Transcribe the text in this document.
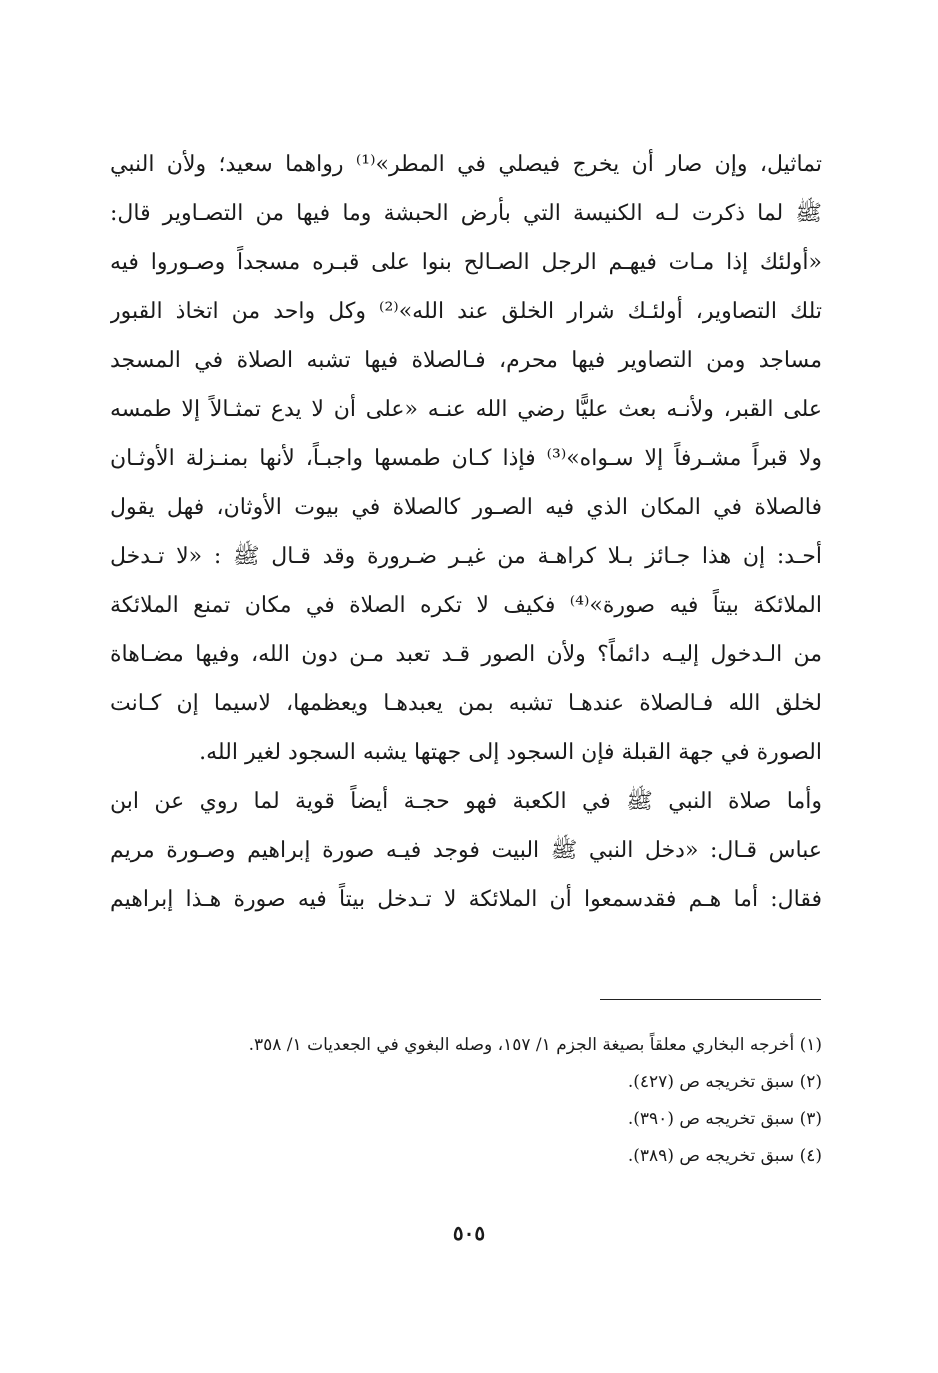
تماثيل، وإن صار أن يخرج فيصلي في المطر»⁽¹⁾ رواهما سعيد؛ ولأن النبي
ﷺ لما ذكرت لـه الكنيسة التي بأرض الحبشة وما فيها من التصـاوير قال:
«أولئك إذا مـات فيهـم الرجل الصـالح بنوا على قبـره مسجداً وصـوروا فيه
تلك التصاوير، أولئـك شرار الخلق عند الله»⁽²⁾ وكل واحد من اتخاذ القبور
مساجد ومن التصاوير فيها محرم، فـالصلاة فيها تشبه الصلاة في المسجد
على القبر، ولأنـه بعث عليًّا رضي الله عنـه «على أن لا يدع تمثـالاً إلا طمسه
ولا قبراً مشـرفاً إلا سـواه»⁽³⁾ فإذا كـان طمسها واجبـاً، لأنها بمنـزلة الأوثـان
فالصلاة في المكان الذي فيه الصـور كالصلاة في بيوت الأوثان، فهل يقول
أحـد: إن هذا جـائز بـلا كراهـة من غيـر ضـرورة وقد قـال ﷺ : «لا تـدخل
الملائكة بيتاً فيه صورة»⁽⁴⁾ فكيف لا تكره الصلاة في مكان تمنع الملائكة
من الـدخول إليـه دائماً؟ ولأن الصور قـد تعبد مـن دون الله، وفيها مضـاهاة
لخلق الله فـالصلاة عندهـا تشبه بمن يعبدهـا ويعظمها، لاسيما إن كـانت
الصورة في جهة القبلة فإن السجود إلى جهتها يشبه السجود لغير الله.
وأما صلاة النبي ﷺ في الكعبة فهو حجـة أيضاً قوية لما روي عن ابن
عباس قـال: «دخل النبي ﷺ البيت فوجد فيـه صورة إبراهيم وصـورة مريم
فقال: أما هـم فقدسمعوا أن الملائكة لا تـدخل بيتاً فيه صورة هـذا إبراهيم
(١) أخرجه البخاري معلقاً بصيغة الجزم ١/ ١٥٧، وصله البغوي في الجعديات ١/ ٣٥٨.
(٢) سبق تخريجه ص (٤٢٧).
(٣) سبق تخريجه ص (٣٩٠).
(٤) سبق تخريجه ص (٣٨٩).
٥٠٥
